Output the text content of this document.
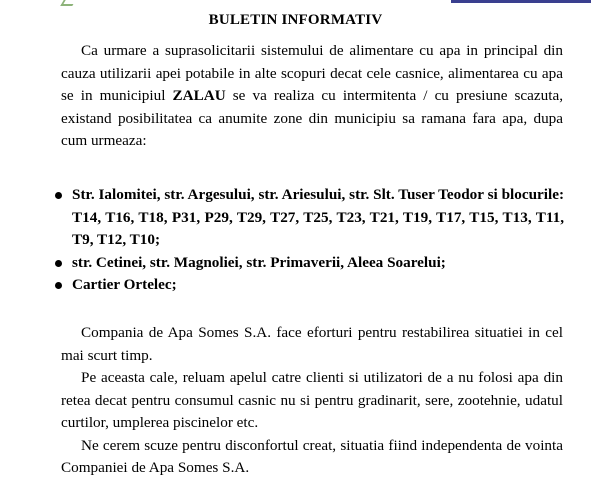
BULETIN INFORMATIV

Ca urmare a suprasolicitarii sistemului de alimentare cu apa in principal din cauza utilizarii apei potabile in alte scopuri decat cele casnice, alimentarea cu apa se in municipiul ZALAU se va realiza cu intermitenta / cu presiune scazuta, existand posibilitatea ca anumite zone din municipiu sa ramana fara apa, dupa cum urmeaza:

Str. Ialomitei, str. Argesului, str. Ariesului, str. Slt. Tuser Teodor si blocurile: T14, T16, T18, P31, P29, T29, T27, T25, T23, T21, T19, T17, T15, T13, T11, T9, T12, T10;
str. Cetinei, str. Magnoliei, str. Primaverii, Aleea Soarelui;
Cartier Ortelec;

Compania de Apa Somes S.A. face eforturi pentru restabilirea situatiei in cel mai scurt timp.

Pe aceasta cale, reluam apelul catre clienti si utilizatori de a nu folosi apa din retea decat pentru consumul casnic nu si pentru gradinarit, sere, zootehnie, udatul curtilor, umplerea piscinelor etc.

Ne cerem scuze pentru disconfortul creat, situatia fiind independenta de vointa Companiei de Apa Somes S.A.
